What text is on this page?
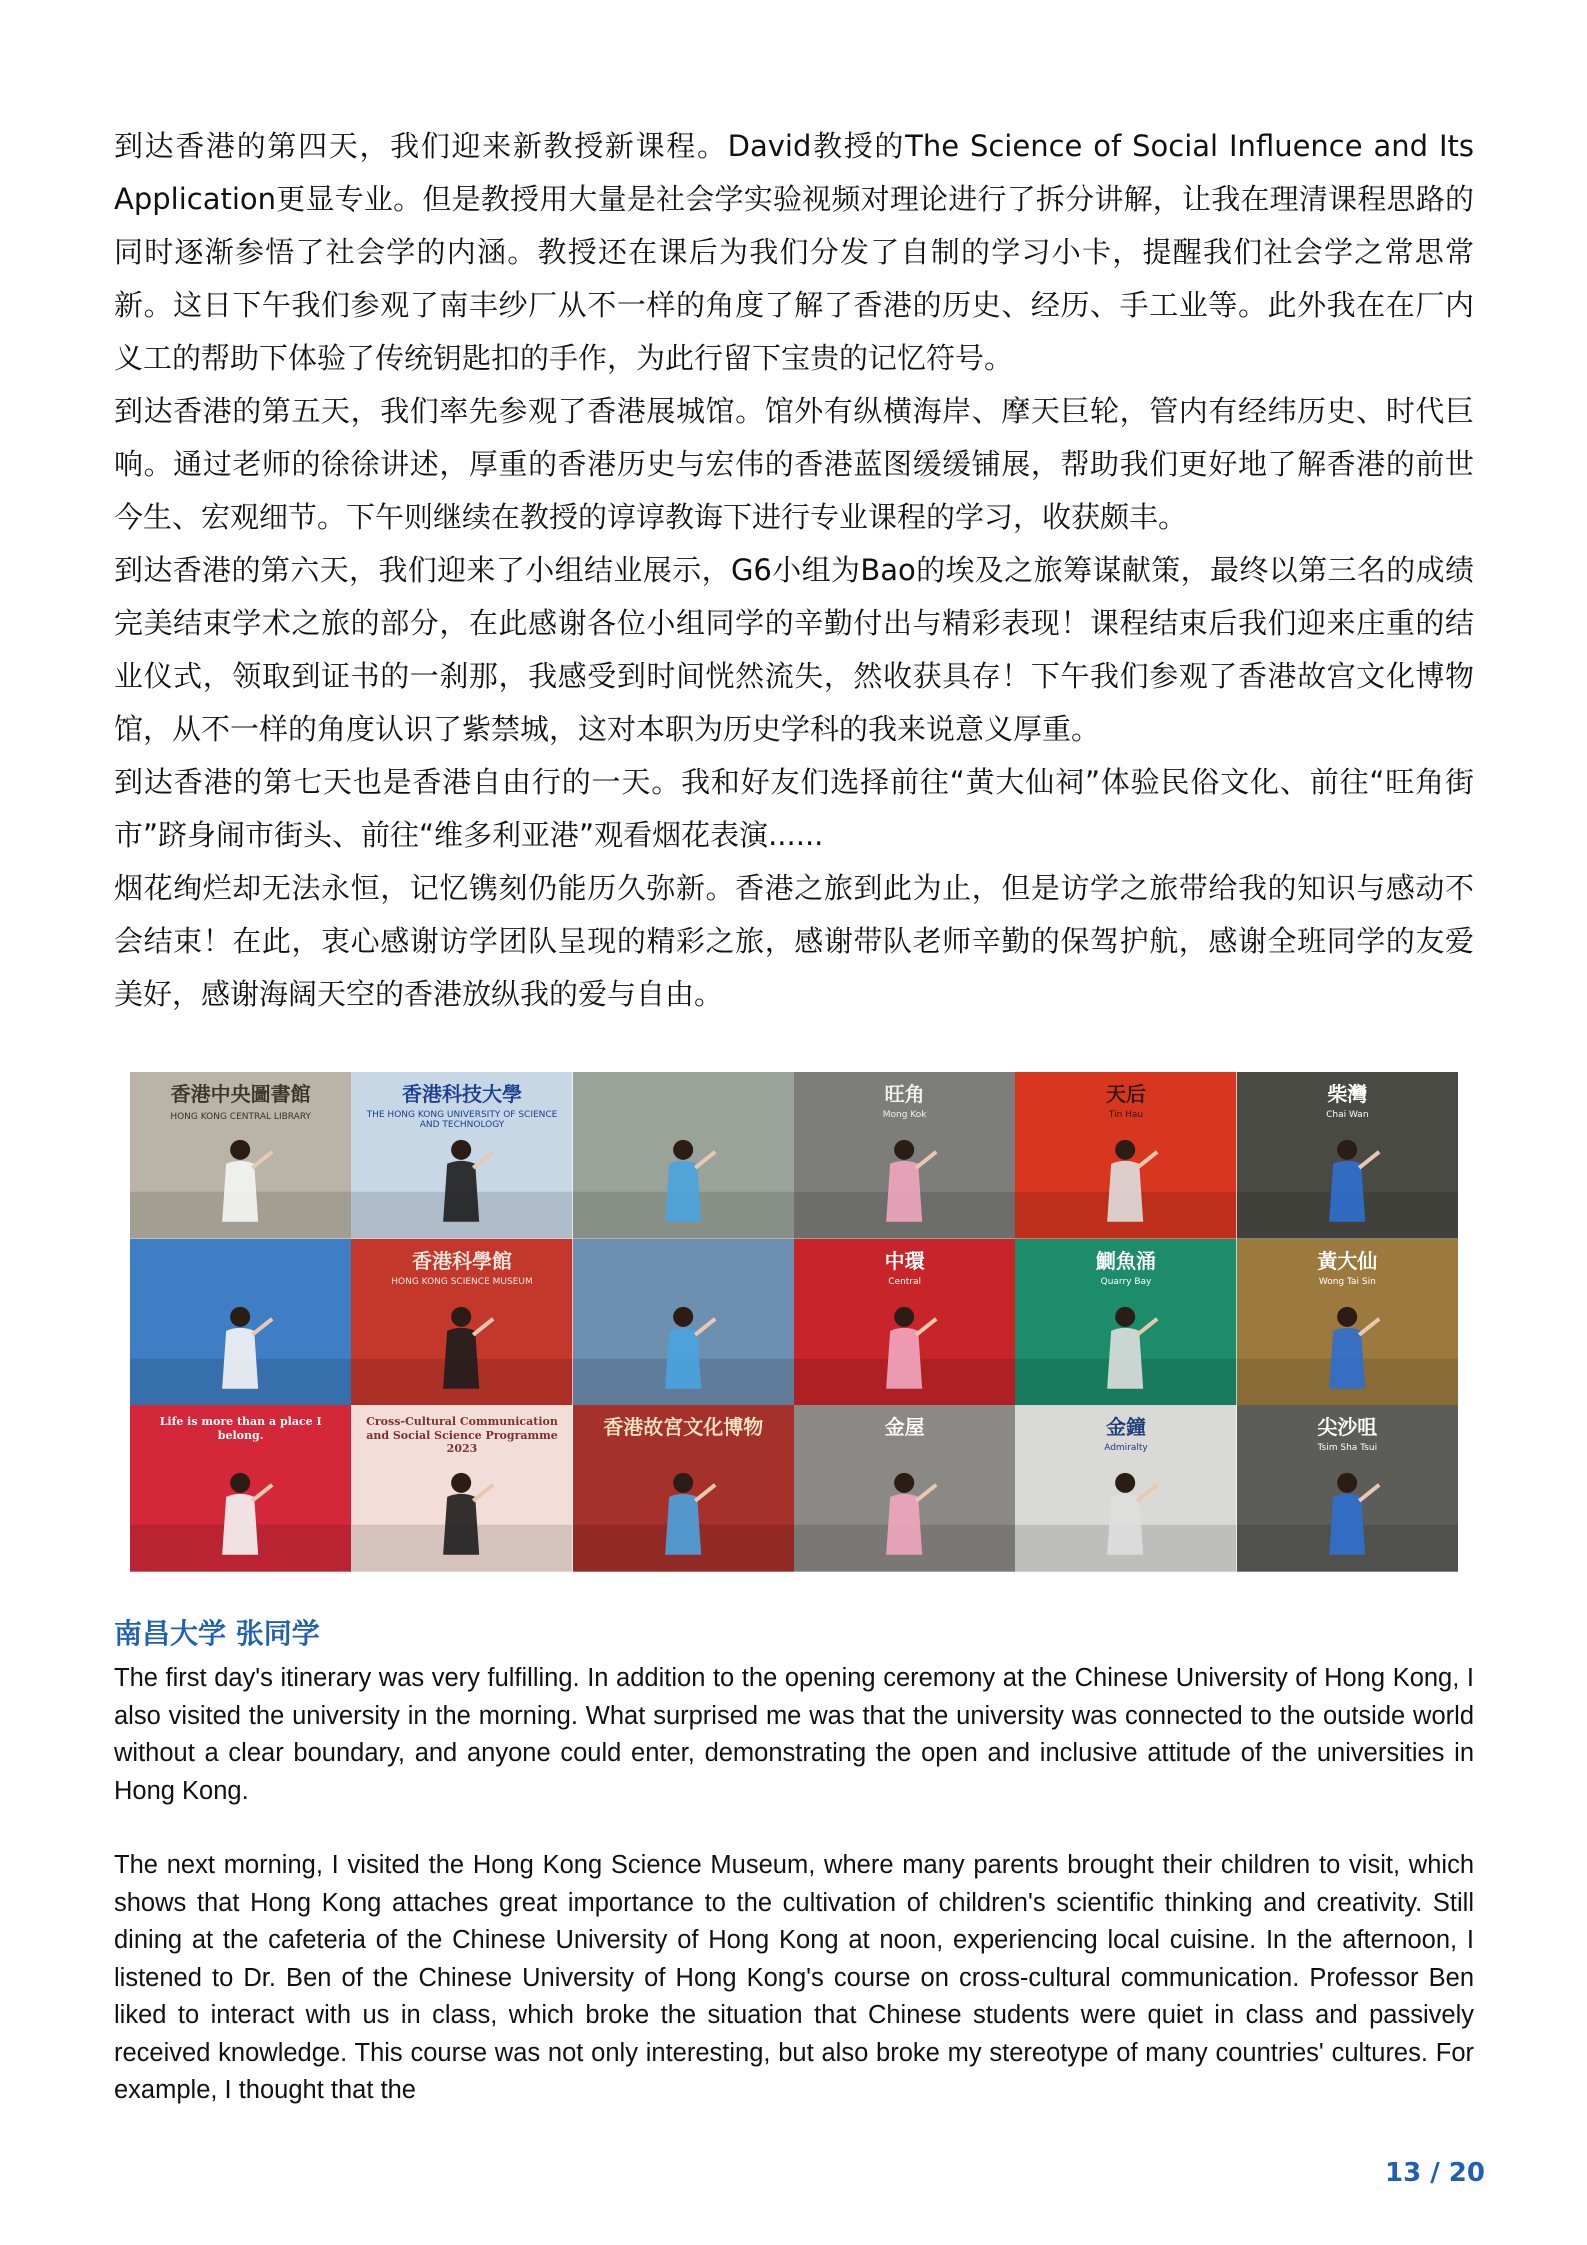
到达香港的第四天，我们迎来新教授新课程。David教授的The Science of Social Influence and Its Application更显专业。但是教授用大量是社会学实验视频对理论进行了拆分讲解，让我在理清课程思路的同时逐渐参悟了社会学的内涵。教授还在课后为我们分发了自制的学习小卡，提醒我们社会学之常思常新。这日下午我们参观了南丰纱厂从不一样的角度了解了香港的历史、经历、手工业等。此外我在在厂内义工的帮助下体验了传统钥匙扣的手作，为此行留下宝贵的记忆符号。

到达香港的第五天，我们率先参观了香港展城馆。馆外有纵横海岸、摩天巨轮，管内有经纬历史、时代巨响。通过老师的徐徐讲述，厚重的香港历史与宏伟的香港蓝图缓缓铺展，帮助我们更好地了解香港的前世今生、宏观细节。下午则继续在教授的谆谆教诲下进行专业课程的学习，收获颇丰。

到达香港的第六天，我们迎来了小组结业展示，G6小组为Bao的埃及之旅筹谋献策，最终以第三名的成绩完美结束学术之旅的部分，在此感谢各位小组同学的辛勤付出与精彩表现！课程结束后我们迎来庄重的结业仪式，领取到证书的一刹那，我感受到时间恍然流失，然收获具存！下午我们参观了香港故宫文化博物馆，从不一样的角度认识了紫禁城，这对本职为历史学科的我来说意义厚重。

到达香港的第七天也是香港自由行的一天。我和好友们选择前往“黄大仙祠”体验民俗文化、前往“旺角街市”跻身闹市街头、前往“维多利亚港”观看烟花表演......

烟花绚烂却无法永恒，记忆镌刻仍能历久弥新。香港之旅到此为止，但是访学之旅带给我的知识与感动不会结束！在此，衷心感谢访学团队呈现的精彩之旅，感谢带队老师辛勤的保驾护航，感谢全班同学的友爱美好，感谢海阔天空的香港放纵我的爱与自由。

香港中央圖書館
HONG KONG CENTRAL LIBRARY
香港科技大學
THE HONG KONG UNIVERSITY OF SCIENCE AND TECHNOLOGY
旺角
Mong Kok
天后
Tin Hau
柴灣
Chai Wan
香港科學館
HONG KONG SCIENCE MUSEUM
中環
Central
鰂魚涌
Quarry Bay
黃大仙
Wong Tai Sin
Life is more than a place I belong.
Cross-Cultural Communication and Social Science Programme 2023
香港故宮文化博物	金屋	金鐘
Admiralty
尖沙咀
Tsim Sha Tsui
南昌大学 张同学

The first day's itinerary was very fulfilling. In addition to the opening ceremony at the Chinese University of Hong Kong, I also visited the university in the morning. What surprised me was that the university was connected to the outside world without a clear boundary, and anyone could enter, demonstrating the open and inclusive attitude of the universities in Hong Kong.

The next morning, I visited the Hong Kong Science Museum, where many parents brought their children to visit, which shows that Hong Kong attaches great importance to the cultivation of children's scientific thinking and creativity. Still dining at the cafeteria of the Chinese University of Hong Kong at noon, experiencing local cuisine. In the afternoon, I listened to Dr. Ben of the Chinese University of Hong Kong's course on cross-cultural communication. Professor Ben liked to interact with us in class, which broke the situation that Chinese students were quiet in class and passively received knowledge. This course was not only interesting, but also broke my stereotype of many countries' cultures. For example, I thought that the

13 / 20
